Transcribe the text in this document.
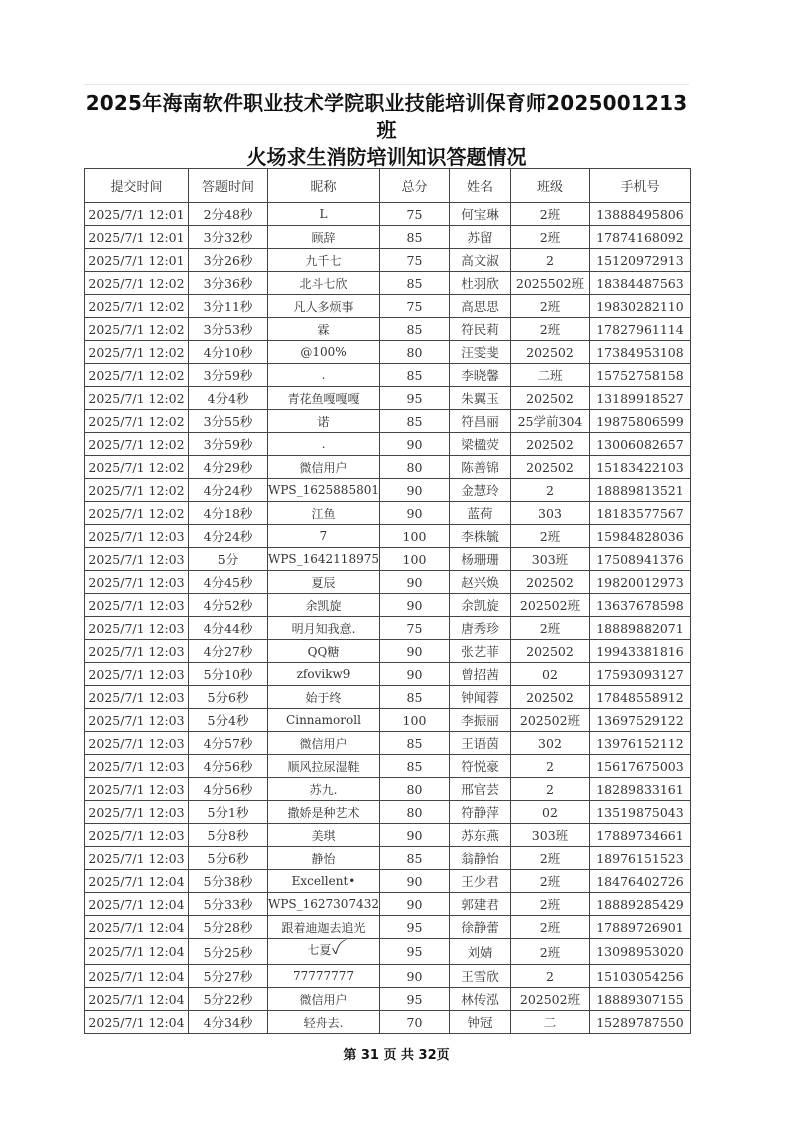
2025年海南软件职业技术学院职业技能培训保育师2025001213
班
火场求生消防培训知识答题情况
提交时间	答题时间	昵称	总分	姓名	班级	手机号
2025/7/1 12:01	2分48秒	L	75	何宝琳	2班	13888495806
2025/7/1 12:01	3分32秒	顾辞	85	苏留	2班	17874168092
2025/7/1 12:01	3分26秒	九千七	75	高文淑	2	15120972913
2025/7/1 12:02	3分36秒	北斗七欣	85	杜羽欣	2025502班	18384487563
2025/7/1 12:02	3分11秒	凡人多烦事	75	高思思	2班	19830282110
2025/7/1 12:02	3分53秒	霖	85	符民莉	2班	17827961114
2025/7/1 12:02	4分10秒	@100%	80	汪雯斐	202502	17384953108
2025/7/1 12:02	3分59秒	.	85	李晓馨	二班	15752758158
2025/7/1 12:02	4分4秒	青花鱼嘎嘎嘎	95	朱翼玉	202502	13189918527
2025/7/1 12:02	3分55秒	诺	85	符昌丽	25学前304	19875806599
2025/7/1 12:02	3分59秒	.	90	梁楹荧	202502	13006082657
2025/7/1 12:02	4分29秒	微信用户	80	陈善锦	202502	15183422103
2025/7/1 12:02	4分24秒	WPS_1625885801	90	金慧玲	2	18889813521
2025/7/1 12:02	4分18秒	江鱼	90	蓝荷	303	18183577567
2025/7/1 12:03	4分24秒	7	100	李株毓	2班	15984828036
2025/7/1 12:03	5分	WPS_1642118975	100	杨珊珊	303班	17508941376
2025/7/1 12:03	4分45秒	夏辰	90	赵兴焕	202502	19820012973
2025/7/1 12:03	4分52秒	余凯旋	90	余凯旋	202502班	13637678598
2025/7/1 12:03	4分44秒	明月知我意.	75	唐秀珍	2班	18889882071
2025/7/1 12:03	4分27秒	QQ糖	90	张艺菲	202502	19943381816
2025/7/1 12:03	5分10秒	zfovikw9	90	曾招茜	02	17593093127
2025/7/1 12:03	5分6秒	始于终	85	钟闻蓉	202502	17848558912
2025/7/1 12:03	5分4秒	Cinnamoroll	100	李振丽	202502班	13697529122
2025/7/1 12:03	4分57秒	微信用户	85	王语茵	302	13976152112
2025/7/1 12:03	4分56秒	顺风拉尿湿鞋	85	符悦豪	2	15617675003
2025/7/1 12:03	4分56秒	苏九.	80	邢官芸	2	18289833161
2025/7/1 12:03	5分1秒	撒娇是种艺术	80	符静萍	02	13519875043
2025/7/1 12:03	5分8秒	美琪	90	苏东燕	303班	17889734661
2025/7/1 12:03	5分6秒	静怡	85	翁静怡	2班	18976151523
2025/7/1 12:04	5分38秒	Excellent•	90	王少君	2班	18476402726
2025/7/1 12:04	5分33秒	WPS_1627307432	90	郭建君	2班	18889285429
2025/7/1 12:04	5分28秒	跟着迪迦去追光	95	徐静蕾	2班	17889726901
2025/7/1 12:04	5分25秒	七夏ꪜ	95	刘婧	2班	13098953020
2025/7/1 12:04	5分27秒	77777777	90	王雪欣	2	15103054256
2025/7/1 12:04	5分22秒	微信用户	95	林传泓	202502班	18889307155
2025/7/1 12:04	4分34秒	轻舟去.	70	钟冠	二	15289787550
第 31 页 共 32页
